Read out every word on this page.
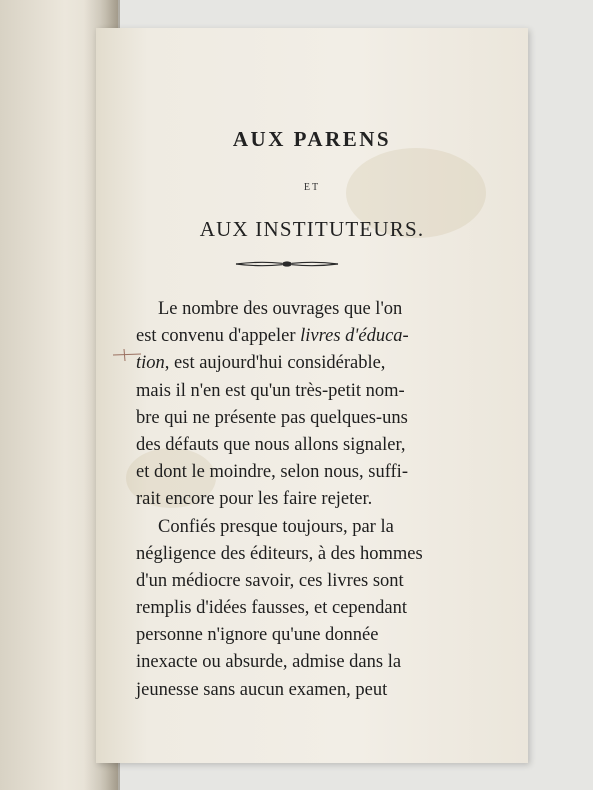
AUX PARENS
ET
AUX INSTITUTEURS.
Le nombre des ouvrages que l'on
est convenu d'appeler livres d'éduca-
tion, est aujourd'hui considérable,
mais il n'en est qu'un très-petit nom-
bre qui ne présente pas quelques-uns
des défauts que nous allons signaler,
et dont le moindre, selon nous, suffi-
rait encore pour les faire rejeter.
Confiés presque toujours, par la
négligence des éditeurs, à des hommes
d'un médiocre savoir, ces livres sont
remplis d'idées fausses, et cependant
personne n'ignore qu'une donnée
inexacte ou absurde, admise dans la
jeunesse sans aucun examen, peut
